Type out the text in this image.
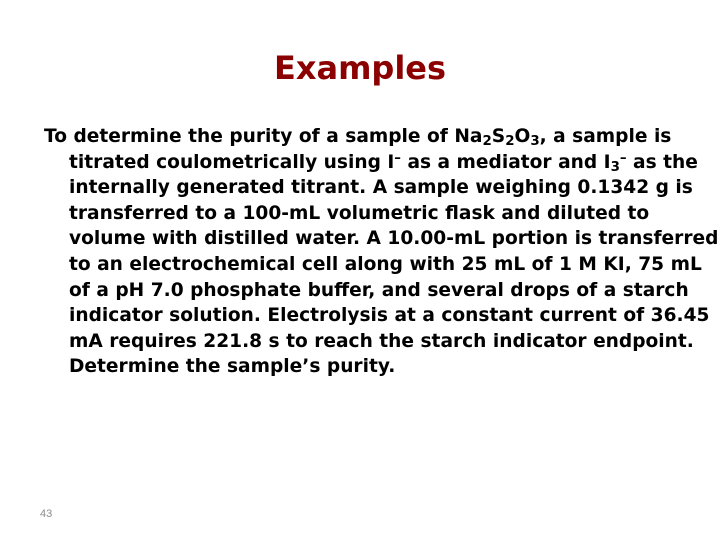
Examples
To determine the purity of a sample of $Na_2S_2O_3$, a sample is titrated coulometrically using I– as a mediator and $I_3^-$ as the internally generated titrant. A sample weighing 0.1342 g is transferred to a 100-mL volumetric flask and diluted to volume with distilled water. A 10.00-mL portion is transferred to an electrochemical cell along with 25 mL of 1 M KI, 75 mL of a pH 7.0 phosphate buffer, and several drops of a starch indicator solution. Electrolysis at a constant current of 36.45 mA requires 221.8 s to reach the starch indicator endpoint. Determine the sample’s purity.
43
